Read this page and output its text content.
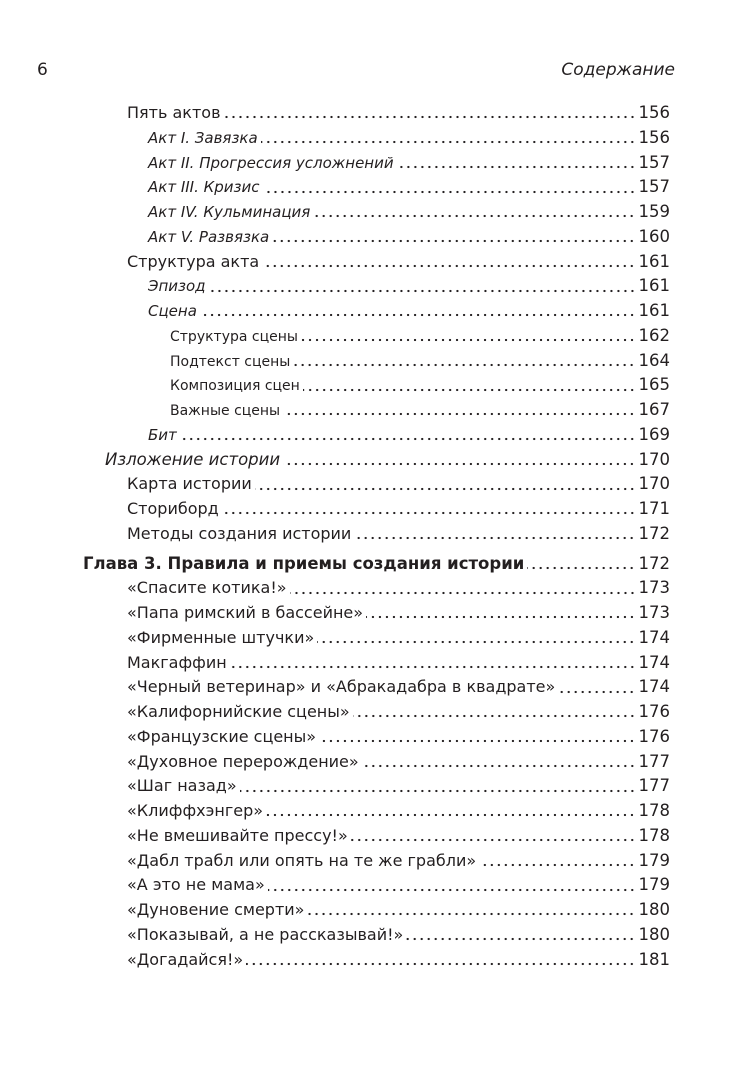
6	Содержание
Пять актов	156
Акт I. Завязка	156
Акт II. Прогрессия усложнений	157
Акт III. Кризис	157
Акт IV. Кульминация	159
Акт V. Развязка	160
Структура акта	161
Эпизод	161
Сцена	161
Структура сцены	162
Подтекст сцены	164
Композиция сцен	165
Важные сцены	167
Бит	169
Изложение истории	170
Карта истории	170
Сториборд	171
Методы создания истории	172
Глава 3. Правила и приемы создания истории	172
«Спасите котика!»	173
«Папа римский в бассейне»	173
«Фирменные штучки»	174
Макгаффин	174
«Черный ветеринар» и «Абракадабра в квадрате»	174
«Калифорнийские сцены»	176
«Французские сцены»	176
«Духовное перерождение»	177
«Шаг назад»	177
«Клиффхэнгер»	178
«Не вмешивайте прессу!»	178
«Дабл трабл или опять на те же грабли»	179
«А это не мама»	179
«Дуновение смерти»	180
«Показывай, а не рассказывай!»	180
«Догадайся!»	181
